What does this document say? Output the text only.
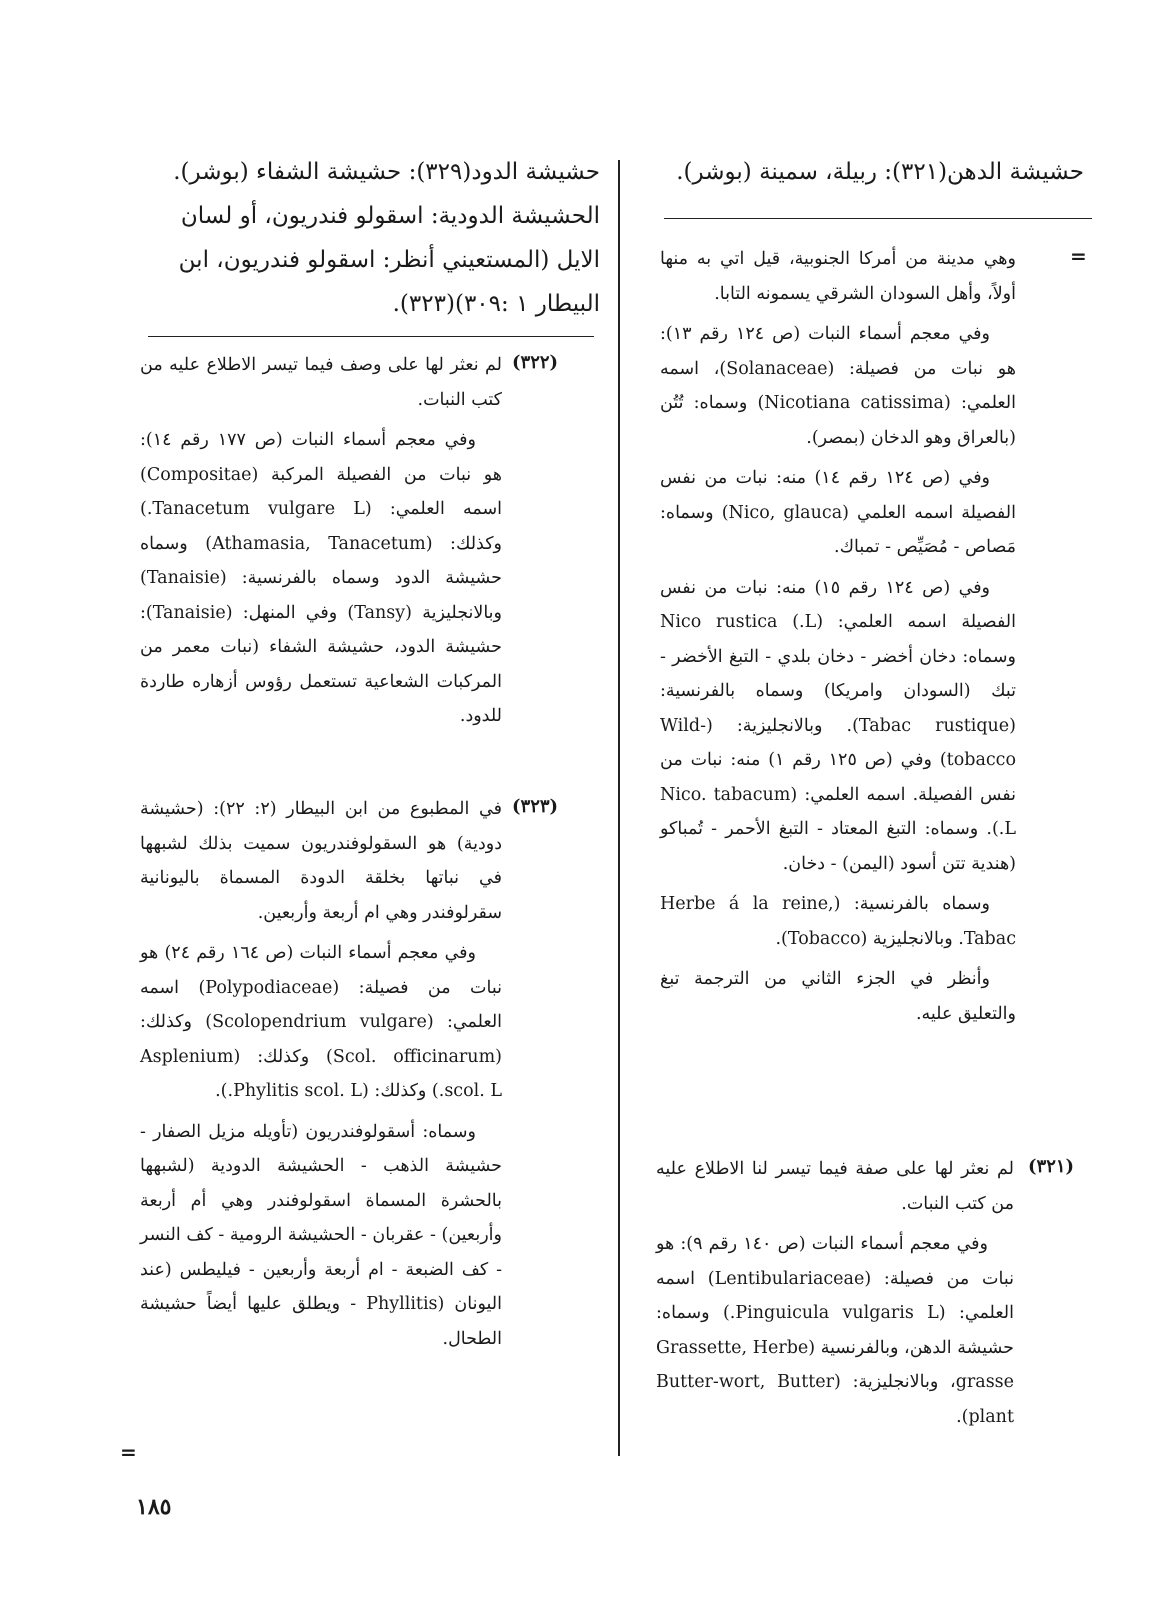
حشيشة الدهن(٣٢١): ربيلة، سمينة (بوشر).

حشيشة الدود(٣٢٩): حشيشة الشفاء (بوشر). الحشيشة الدودية: اسقولو فندريون، أو لسان الايل (المستعيني أنظر: اسقولو فندريون، ابن البيطار ١ :٣٠٩)(٣٢٣).

=

وهي مدينة من أمركا الجنوبية، قيل اتي به منها أولاً، وأهل السودان الشرقي يسمونه التابا.

وفي معجم أسماء النبات (ص ١٢٤ رقم ١٣): هو نبات من فصيلة: (Solanaceae)، اسمه العلمي: (Nicotiana catissima) وسماه: تُتُن (بالعراق وهو الدخان (بمصر).

وفي (ص ١٢٤ رقم ١٤) منه: نبات من نفس الفصيلة اسمه العلمي (Nico, glauca) وسماه: مَصاص - مُصَيِّص - تمباك.

وفي (ص ١٢٤ رقم ١٥) منه: نبات من نفس الفصيلة اسمه العلمي: (Nico rustica (.L وسماه: دخان أخضر - دخان بلدي - التبغ الأخضر - تبك (السودان وامريكا) وسماه بالفرنسية: (Tabac rustique). وبالانجليزية: (Wild-tobacco) وفي (ص ١٢٥ رقم ١) منه: نبات من نفس الفصيلة. اسمه العلمي: (Nico. tabacum (.L. وسماه: التبغ المعتاد - التبغ الأحمر - تُمباكو (هندية تتن أسود (اليمن) - دخان.

وسماه بالفرنسية: (Herbe á la reine, Tabac. وبالانجليزية (Tobacco).

وأنظر في الجزء الثاني من الترجمة تبغ والتعليق عليه.

(٣٢١)

لم نعثر لها على صفة فيما تيسر لنا الاطلاع عليه من كتب النبات.

وفي معجم أسماء النبات (ص ١٤٠ رقم ٩): هو نبات من فصيلة: (Lentibulariaceae) اسمه العلمي: (Pinguicula vulgaris L.) وسماه: حشيشة الدهن، وبالفرنسية (Grassette, Herbe grasse، وبالانجليزية: (Butter-wort, Butter plant).

(٣٢٢)

لم نعثر لها على وصف فيما تيسر الاطلاع عليه من كتب النبات.

وفي معجم أسماء النبات (ص ١٧٧ رقم ١٤): هو نبات من الفصيلة المركبة (Compositae) اسمه العلمي: (Tanacetum vulgare L.) وكذلك: (Athamasia, Tanacetum) وسماه حشيشة الدود وسماه بالفرنسية: (Tanaisie) وبالانجليزية (Tansy) وفي المنهل: (Tanaisie): حشيشة الدود، حشيشة الشفاء (نبات معمر من المركبات الشعاعية تستعمل رؤوس أزهاره طاردة للدود.

(٣٢٣)

في المطبوع من ابن البيطار (٢: ٢٢): (حشيشة دودية) هو السقولوفندريون سميت بذلك لشبهها في نباتها بخلقة الدودة المسماة باليونانية سقرلوفندر وهي ام أربعة وأربعين.

وفي معجم أسماء النبات (ص ١٦٤ رقم ٢٤) هو نبات من فصيلة: (Polypodiaceae) اسمه العلمي: (Scolopendrium vulgare) وكذلك: (Scol. officinarum) وكذلك: (Asplenium scol. L.) وكذلك: (Phylitis scol. L.).

وسماه: أسقولوفندريون (تأويله مزيل الصفار - حشيشة الذهب - الحشيشة الدودية (لشبهها بالحشرة المسماة اسقولوفندر وهي أم أربعة وأربعين) - عقربان - الحشيشة الرومية - كف النسر - كف الضبعة - ام أربعة وأربعين - فيليطس (عند اليونان (Phyllitis - ويطلق عليها أيضاً حشيشة الطحال.

=
١٨٥
